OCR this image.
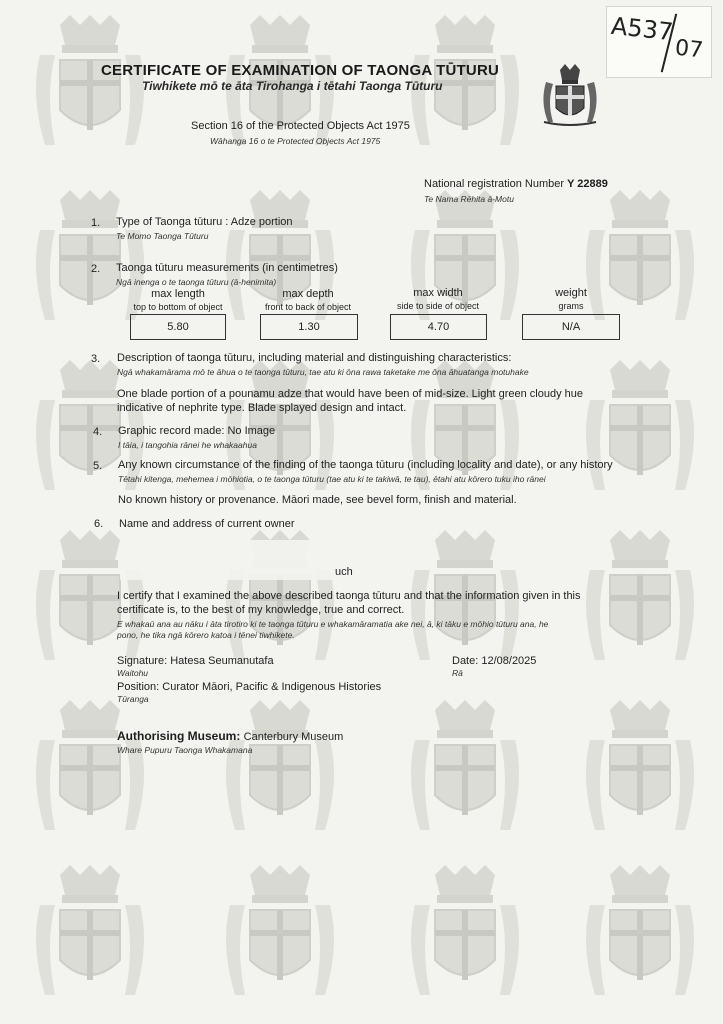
A537
07
CERTIFICATE OF EXAMINATION OF TAONGA TŪTURU
Tiwhikete mō te āta Tirohanga i tētahi Taonga Tūturu
Section 16 of the Protected Objects Act 1975
Wāhanga 16 o te Protected Objects Act 1975
National registration Number Y 22889
Te Nama Rēhita ā-Motu
1. Type of Taonga tūturu : Adze portion
Te Momo Taonga Tūturu
2. Taonga tūturu measurements (in centimetres)
Ngā inenga o te taonga tūturu (ā-henimita)
max length
top to bottom of object
5.80
max depth
front to back of object
1.30
max width
side to side of object
4.70
weight
grams
N/A
3. Description of taonga tūturu, including material and distinguishing characteristics:
Ngā whakamārama mō te āhua o te taonga tūturu, tae atu ki ōna rawa taketake me ōna āhuatanga motuhake
One blade portion of a pounamu adze that would have been of mid-size. Light green cloudy hue
indicative of nephrite type. Blade splayed design and intact.
4. Graphic record made: No Image
I tāia, i tangohia rānei he whakaahua
5. Any known circumstance of the finding of the taonga tūturu (including locality and date), or any history
Tētahi kitenga, mehemea i mōhiotia, o te taonga tūturu (tae atu ki te takiwā, te tau), ētahi atu kōrero tuku iho rānei
No known history or provenance. Māori made, see bevel form, finish and material.
6. Name and address of current owner
uch
I certify that I examined the above described taonga tūturu and that the information given in this
certificate is, to the best of my knowledge, true and correct.
E whakaū ana au nāku i āta tirotiro ki te taonga tūturu e whakamāramatia ake nei, ā, ki tāku e mōhio tūturu ana, he
pono, he tika ngā kōrero katoa i tēnei tiwhikete.
Signature: Hatesa Seumanutafa
Waitohu
Date: 12/08/2025
Rā
Position: Curator Māori, Pacific & Indigenous Histories
Tūranga
Authorising Museum: Canterbury Museum
Whare Pupuru Taonga Whakamana
